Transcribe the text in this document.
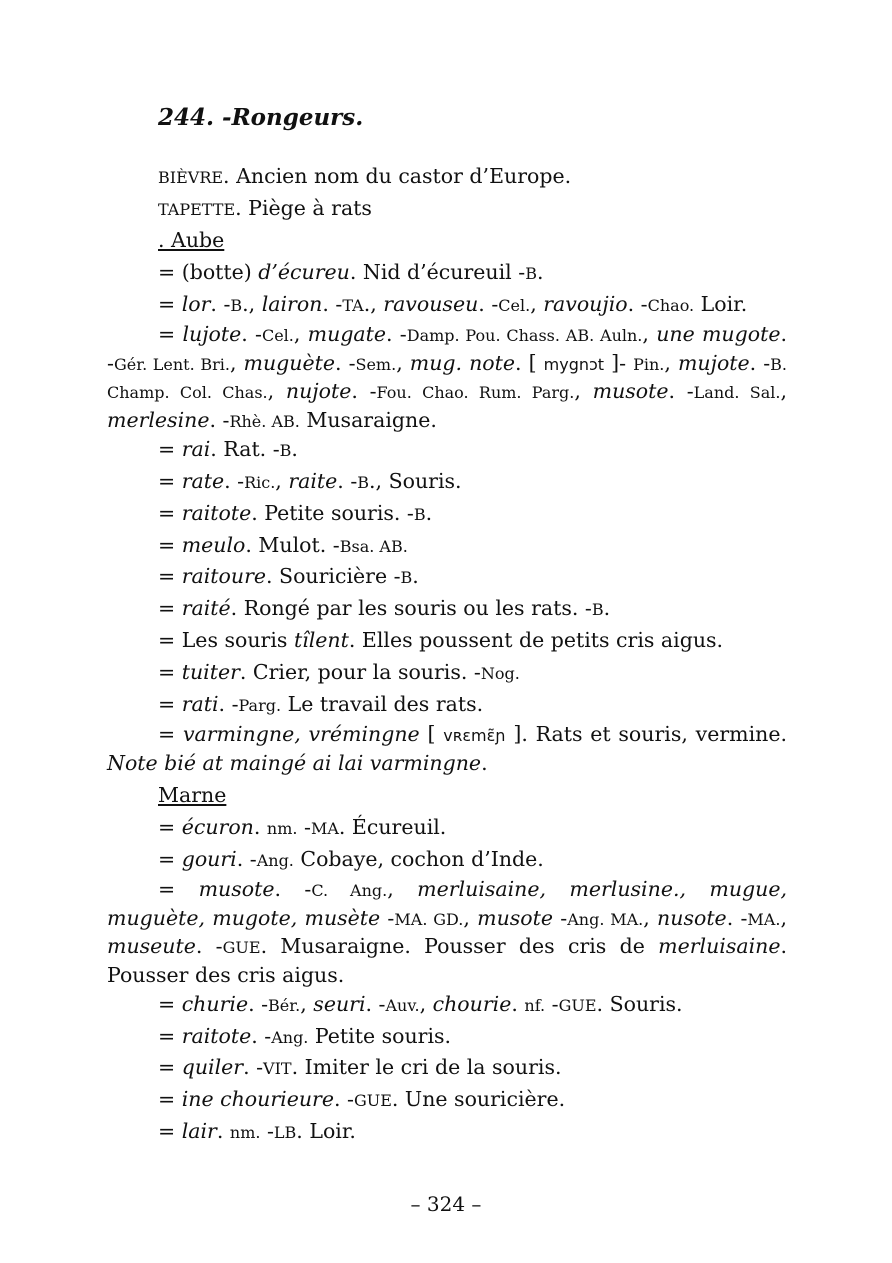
244. -Rongeurs.
BIÈVRE. Ancien nom du castor d’Europe.
TAPETTE. Piège à rats
. Aube
= (botte) d’écureu. Nid d’écureuil -B.
= lor. -B., lairon. -TA., ravouseu. -Cel., ravoujio. -Chao. Loir.
= lujote. -Cel., mugate. -Damp. Pou. Chass. AB. Auln., une mugote. -Gér. Lent. Bri., muguète. -Sem., mug. note. [ mygnɔt ]- Pin., mujote. -B. Champ. Col. Chas., nujote. -Fou. Chao. Rum. Parg., musote. -Land. Sal., merlesine. -Rhè. AB. Musaraigne.
= rai. Rat. -B.
= rate. -Ric., raite. -B., Souris.
= raitote. Petite souris. -B.
= meulo. Mulot. -Bsa. AB.
= raitoure. Souricière -B.
= raité. Rongé par les souris ou les rats. -B.
= Les souris tîlent. Elles poussent de petits cris aigus.
= tuiter. Crier, pour la souris. -Nog.
= rati. -Parg. Le travail des rats.
= varmingne, vrémingne [ vʀɛmɛ̃ɲ ]. Rats et souris, vermine. Note bié at maingé ai lai varmingne.
Marne
= écuron. nm. -MA. Écureuil.
= gouri. -Ang. Cobaye, cochon d’Inde.
= musote. -C. Ang., merluisaine, merlusine., mugue, muguète, mugote, musète -MA. GD., musote -Ang. MA., nusote. -MA., museute. -GUE. Musaraigne. Pousser des cris de merluisaine. Pousser des cris aigus.
= churie. -Bér., seuri. -Auv., chourie. nf. -GUE. Souris.
= raitote. -Ang. Petite souris.
= quiler. -VIT. Imiter le cri de la souris.
= ine chourieure. -GUE. Une souricière.
= lair. nm. -LB. Loir.
– 324 –
